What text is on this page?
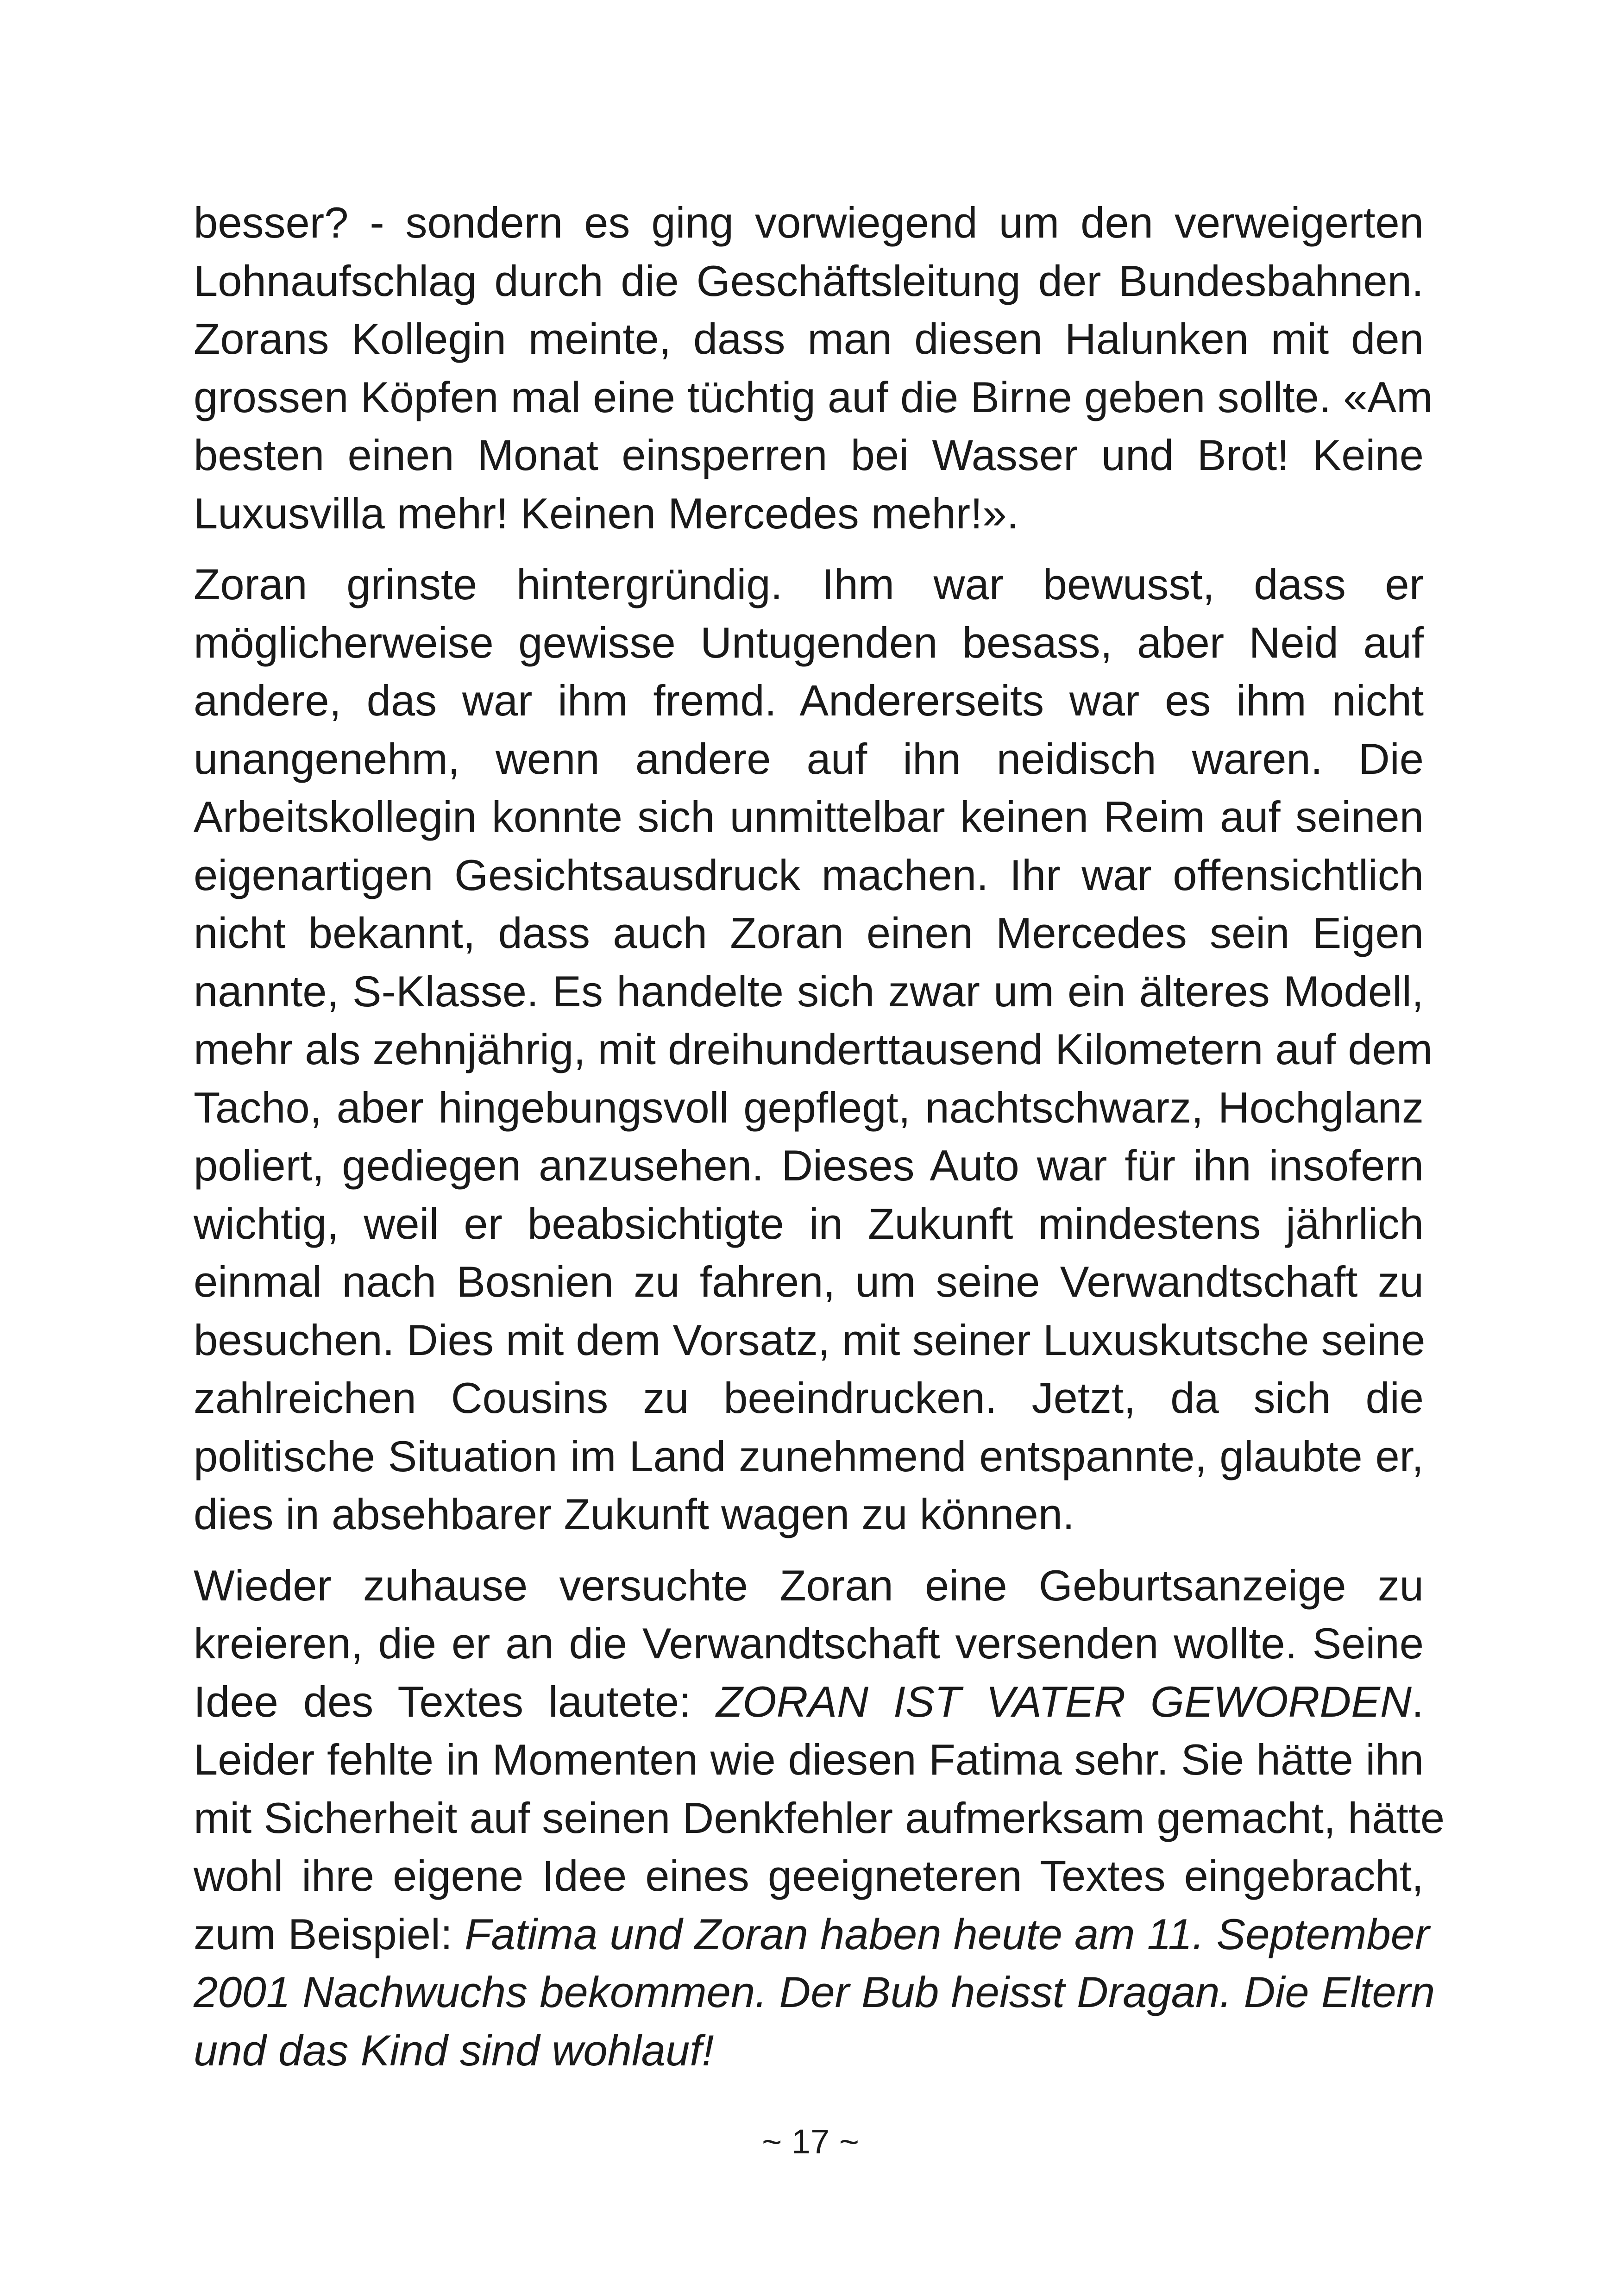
besser? - sondern es ging vorwiegend um den verweigerten
Lohnaufschlag durch die Geschäftsleitung der Bundesbahnen.
Zorans Kollegin meinte, dass man diesen Halunken mit den
grossen Köpfen mal eine tüchtig auf die Birne geben sollte. «Am
besten einen Monat einsperren bei Wasser und Brot! Keine
Luxusvilla mehr! Keinen Mercedes mehr!».
Zoran grinste hintergründig. Ihm war bewusst, dass er
möglicherweise gewisse Untugenden besass, aber Neid auf
andere, das war ihm fremd. Andererseits war es ihm nicht
unangenehm, wenn andere auf ihn neidisch waren. Die
Arbeitskollegin konnte sich unmittelbar keinen Reim auf seinen
eigenartigen Gesichtsausdruck machen. Ihr war offensichtlich
nicht bekannt, dass auch Zoran einen Mercedes sein Eigen
nannte, S-Klasse. Es handelte sich zwar um ein älteres Modell,
mehr als zehnjährig, mit dreihunderttausend Kilometern auf dem
Tacho, aber hingebungsvoll gepflegt, nachtschwarz, Hochglanz
poliert, gediegen anzusehen. Dieses Auto war für ihn insofern
wichtig, weil er beabsichtigte in Zukunft mindestens jährlich
einmal nach Bosnien zu fahren, um seine Verwandtschaft zu
besuchen. Dies mit dem Vorsatz, mit seiner Luxuskutsche seine
zahlreichen Cousins zu beeindrucken. Jetzt, da sich die
politische Situation im Land zunehmend entspannte, glaubte er,
dies in absehbarer Zukunft wagen zu können.
Wieder zuhause versuchte Zoran eine Geburtsanzeige zu
kreieren, die er an die Verwandtschaft versenden wollte. Seine
Idee des Textes lautete: ZORAN IST VATER GEWORDEN.
Leider fehlte in Momenten wie diesen Fatima sehr. Sie hätte ihn
mit Sicherheit auf seinen Denkfehler aufmerksam gemacht, hätte
wohl ihre eigene Idee eines geeigneteren Textes eingebracht,
zum Beispiel: Fatima und Zoran haben heute am 11. September
2001 Nachwuchs bekommen. Der Bub heisst Dragan. Die Eltern
und das Kind sind wohlauf!
~ 17 ~
